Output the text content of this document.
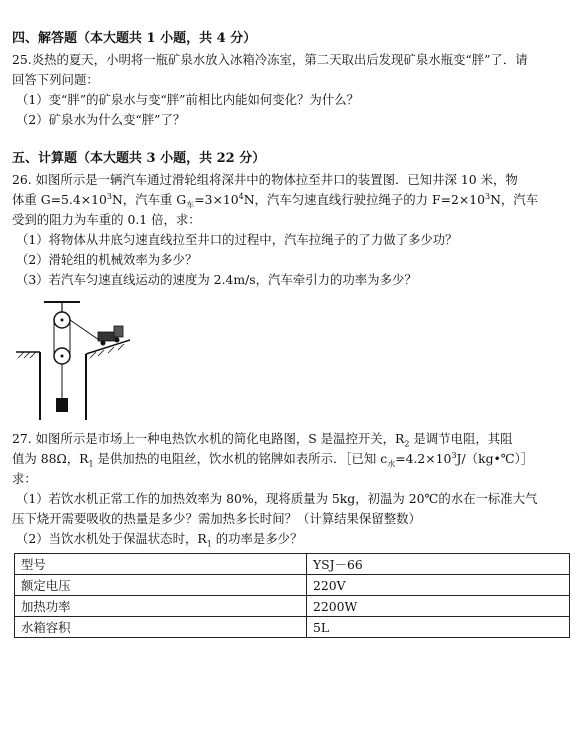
四、解答题（本大题共 1 小题，共 4 分）
25.炎热的夏天，小明将一瓶矿泉水放入冰箱冷冻室，第二天取出后发现矿泉水瓶变“胖”了．请
回答下列问题：
（1）变“胖”的矿泉水与变“胖”前相比内能如何变化？为什么？
（2）矿泉水为什么变“胖”了？
五、计算题（本大题共 3 小题，共 22 分）
26. 如图所示是一辆汽车通过滑轮组将深井中的物体拉至井口的装置图．已知井深 10 米，物
体重 $G=5.4\times 10^3N$，汽车重 $G_车=3\times 10^4N$，汽车匀速直线行驶拉绳子的力 $F=2\times 10^3N$，汽车
受到的阻力为车重的 0.1 倍，求：
（1）将物体从井底匀速直线拉至井口的过程中，汽车拉绳子的了力做了多少功？
（2）滑轮组的机械效率为多少？
（3）若汽车匀速直线运动的速度为 2.4m/s，汽车牵引力的功率为多少？
27. 如图所示是市场上一种电热饮水机的简化电路图，S 是温控开关，$R_2$ 是调节电阻，其阻
值为 88Ω，$R_1$ 是供加热的电阻丝，饮水机的铭牌如表所示．［已知 $c_水=4.2\times 10^3J/(kg•℃)]$
求：
（1）若饮水机正常工作的加热效率为 80%，现将质量为 5kg，初温为 20℃的水在一标准大气
压下烧开需要吸收的热量是多少？需加热多长时间？（计算结果保留整数）
（2）当饮水机处于保温状态时，$R_1$ 的功率是多少？
型号	YSJ－66
额定电压	220V
加热功率	2200W
水箱容积	5L
